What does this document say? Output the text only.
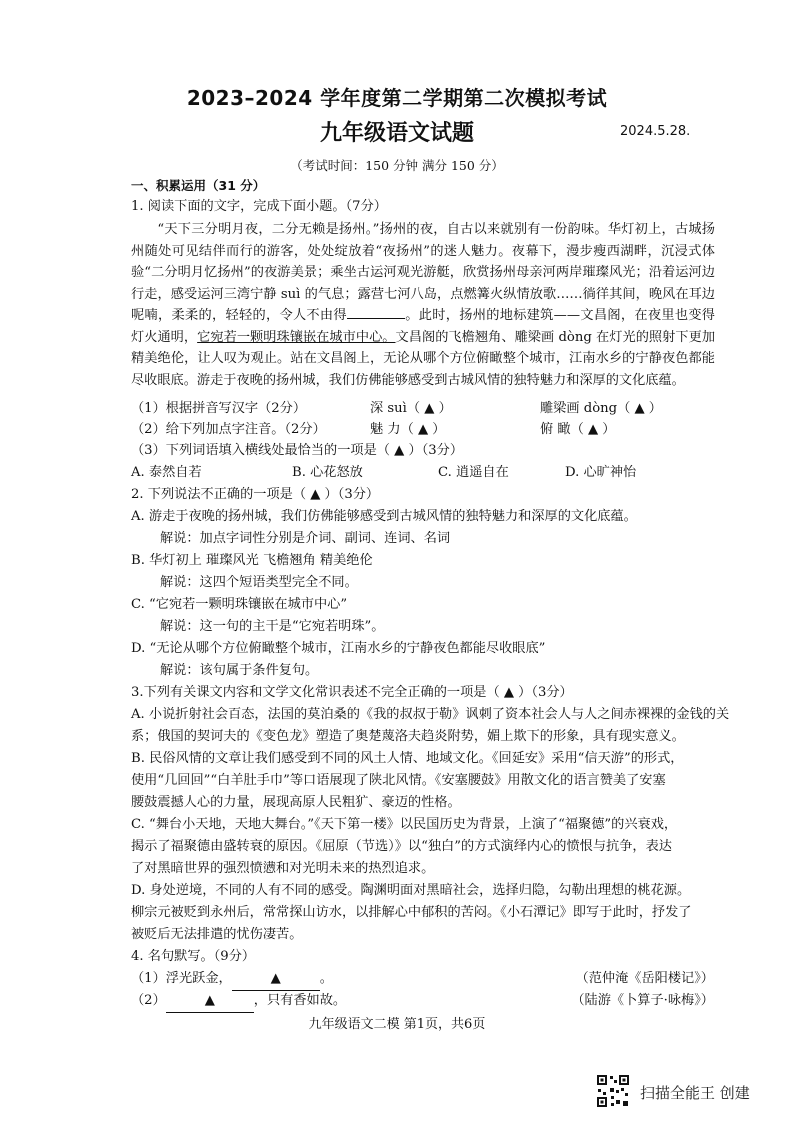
2023–2024 学年度第二学期第二次模拟考试
九年级语文试题	2024.5.28.
（考试时间：150 分钟 满分 150 分）
一、积累运用（31 分）
1. 阅读下面的文字，完成下面小题。（7分）
“天下三分明月夜，二分无赖是扬州。”扬州的夜，自古以来就别有一份韵味。华灯初上，古城扬州随处可见结伴而行的游客，处处绽放着“夜扬州”的迷人魅力。夜幕下，漫步瘦西湖畔，沉浸式体验“二分明月忆扬州”的夜游美景；乘坐古运河观光游艇，欣赏扬州母亲河两岸璀璨风光；沿着运河边行走，感受运河三湾宁静 suì 的气息；露营七河八岛，点燃篝火纵情放歌……徜徉其间，晚风在耳边呢喃，柔柔的，轻轻的，令人不由得	。此时，扬州的地标建筑——文昌阁，在夜里也变得灯火通明，它宛若一颗明珠镶嵌在城市中心。文昌阁的飞檐翘角、雕梁画 dòng 在灯光的照射下更加精美绝伦，让人叹为观止。站在文昌阁上，无论从哪个方位俯瞰整个城市，江南水乡的宁静夜色都能尽收眼底。游走于夜晚的扬州城，我们仿佛能够感受到古城风情的独特魅力和深厚的文化底蕴。
（1）根据拼音写汉字（2分）	深 suì（ ▲ ）	雕梁画 dòng（ ▲ ）
（2）给下列加点字注音。（2分）	魅 力（ ▲ ）	俯 瞰（ ▲ ）
（3）下列词语填入横线处最恰当的一项是（ ▲ ）（3分）
A. 泰然自若	B. 心花怒放	C. 逍遥自在	D. 心旷神怡
2. 下列说法不正确的一项是（ ▲ ）（3分）
A. 游走于夜晚的扬州城，我们仿佛能够感受到古城风情的独特魅力和深厚的文化底蕴。
解说：加点字词性分别是介词、副词、连词、名词
B. 华灯初上 璀璨风光 飞檐翘角 精美绝伦
解说：这四个短语类型完全不同。
C. “它宛若一颗明珠镶嵌在城市中心”
解说：这一句的主干是“它宛若明珠”。
D. “无论从哪个方位俯瞰整个城市，江南水乡的宁静夜色都能尽收眼底”
解说：该句属于条件复句。
3.下列有关课文内容和文学文化常识表述不完全正确的一项是（ ▲ ）（3分）
A. 小说折射社会百态，法国的莫泊桑的《我的叔叔于勒》讽刺了资本社会人与人之间赤裸裸的金钱的关
系；俄国的契诃夫的《变色龙》塑造了奥楚蔑洛夫趋炎附势，媚上欺下的形象，具有现实意义。
B. 民俗风情的文章让我们感受到不同的风土人情、地域文化。《回延安》采用“信天游”的形式，
使用“几回回”“白羊肚手巾”等口语展现了陕北风情。《安塞腰鼓》用散文化的语言赞美了安塞
腰鼓震撼人心的力量，展现高原人民粗犷、豪迈的性格。
C. “舞台小天地，天地大舞台。”《天下第一楼》以民国历史为背景，上演了“福聚德”的兴衰戏，
揭示了福聚德由盛转衰的原因。《屈原（节选）》以“独白”的方式演绎内心的愤恨与抗争，表达
了对黑暗世界的强烈愤懑和对光明未来的热烈追求。
D. 身处逆境，不同的人有不同的感受。陶渊明面对黑暗社会，选择归隐，勾勒出理想的桃花源。
柳宗元被贬到永州后，常常探山访水，以排解心中郁积的苦闷。《小石潭记》即写于此时，抒发了
被贬后无法排遣的忧伤凄苦。
4. 名句默写。（9分）
（1）浮光跃金，	▲	。	（范仲淹《岳阳楼记》）
（2）	▲	，只有香如故。	（陆游《卜算子·咏梅》）
九年级语文二模 第1页，共6页
扫描全能王 创建
